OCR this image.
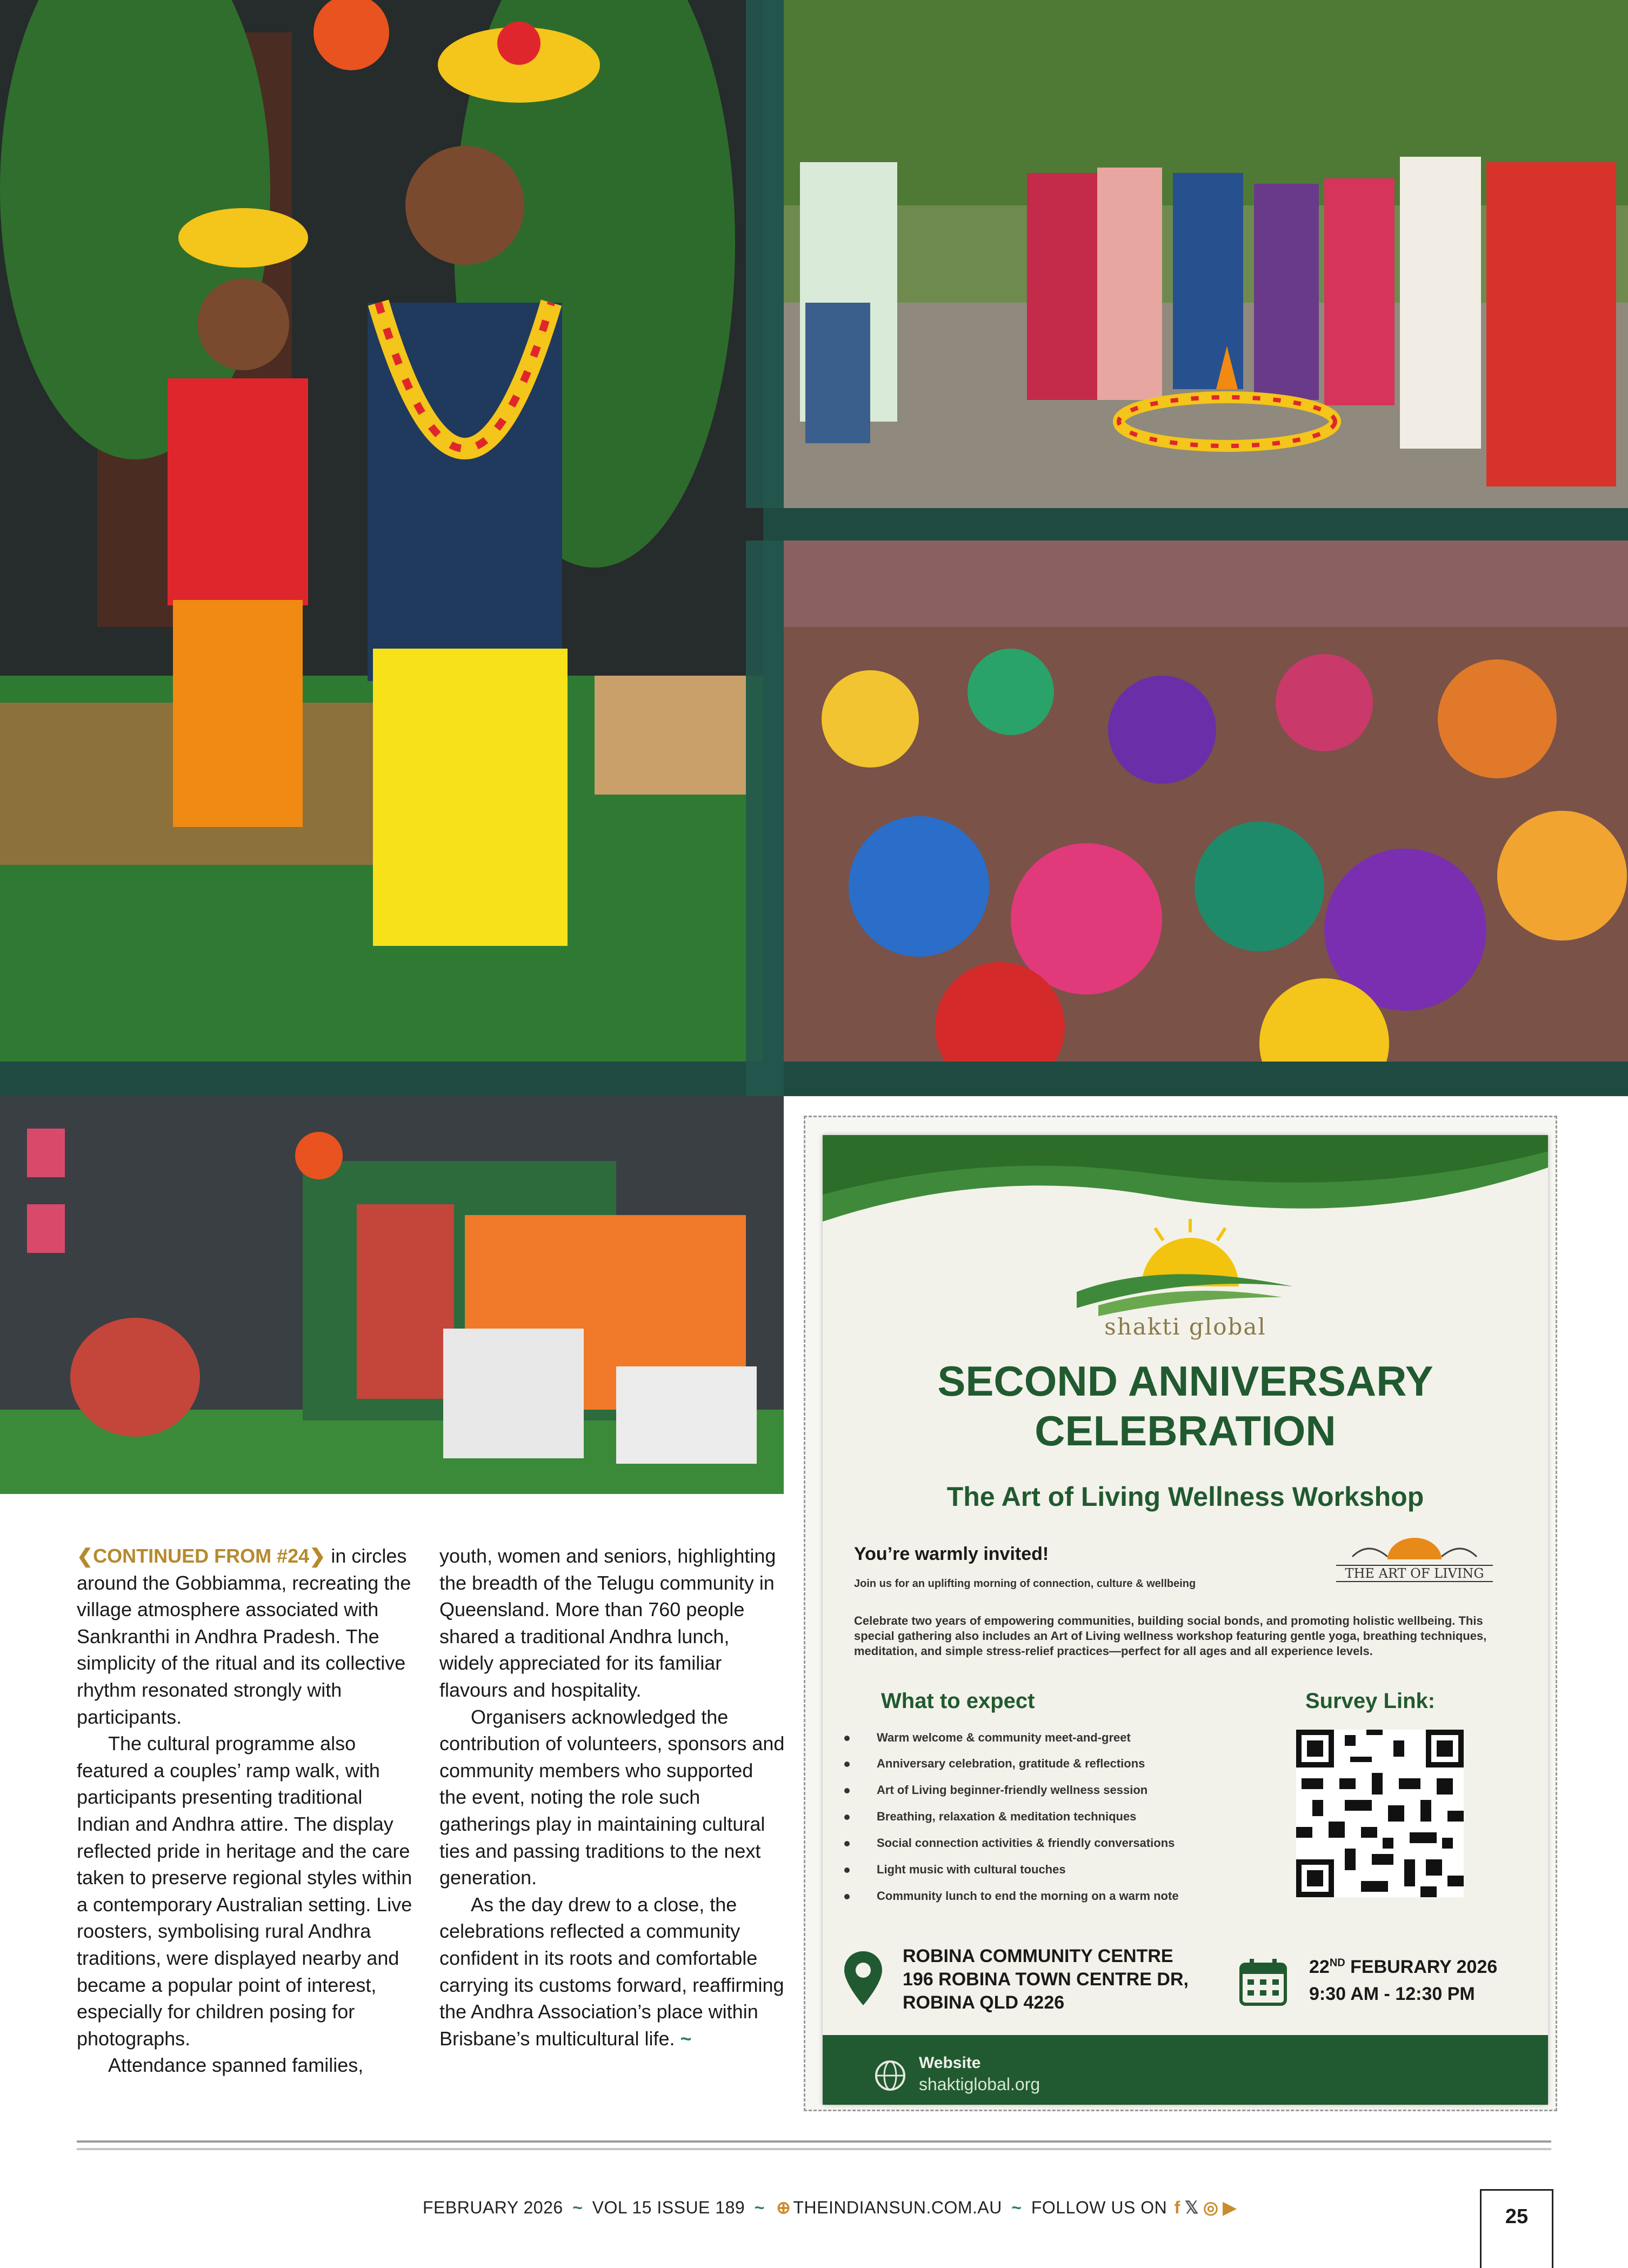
❮CONTINUED FROM #24❯ in circles around the Gobbiamma, recreating the village atmosphere associated with Sankranthi in Andhra Pradesh. The simplicity of the ritual and its collective rhythm resonated strongly with participants.

The cultural programme also featured a couples’ ramp walk, with participants presenting traditional Indian and Andhra attire. The display reflected pride in heritage and the care taken to preserve regional styles within a contemporary Australian setting. Live roosters, symbolising rural Andhra traditions, were displayed nearby and became a popular point of interest, especially for children posing for photographs.

Attendance spanned families,

youth, women and seniors, highlighting the breadth of the Telugu community in Queensland. More than 760 people shared a traditional Andhra lunch, widely appreciated for its familiar flavours and hospitality.

Organisers acknowledged the contribution of volunteers, sponsors and community members who supported the event, noting the role such gatherings play in maintaining cultural ties and passing traditions to the next generation.

As the day drew to a close, the celebrations reflected a community confident in its roots and comfortable carrying its customs forward, reaffirming the Andhra Association’s place within Brisbane’s multicultural life. ~

shakti global
SECOND ANNIVERSARY
CELEBRATION
The Art of Living Wellness Workshop
You’re warmly invited!
Join us for an uplifting morning of connection, culture & wellbeing
THE ART OF LIVING
Celebrate two years of empowering communities, building social bonds, and promoting holistic wellbeing. This special gathering also includes an Art of Living wellness workshop featuring gentle yoga, breathing techniques, meditation, and simple stress-relief practices—perfect for all ages and all experience levels.
What to expect	Survey Link:
Warm welcome & community meet-and-greet
Anniversary celebration, gratitude & reflections
Art of Living beginner-friendly wellness session
Breathing, relaxation & meditation techniques
Social connection activities & friendly conversations
Light music with cultural touches
Community lunch to end the morning on a warm note
ROBINA COMMUNITY CENTRE
196 ROBINA TOWN CENTRE DR,
ROBINA QLD 4226
22ND FEBURARY 2026
9:30 AM - 12:30 PM
Website
shaktiglobal.org
FEBRUARY 2026 ~ VOL 15 ISSUE 189 ~ ⊕ THEINDIANSUN.COM.AU ~ FOLLOW US ON f 𝕏 ◎ ▶	25
